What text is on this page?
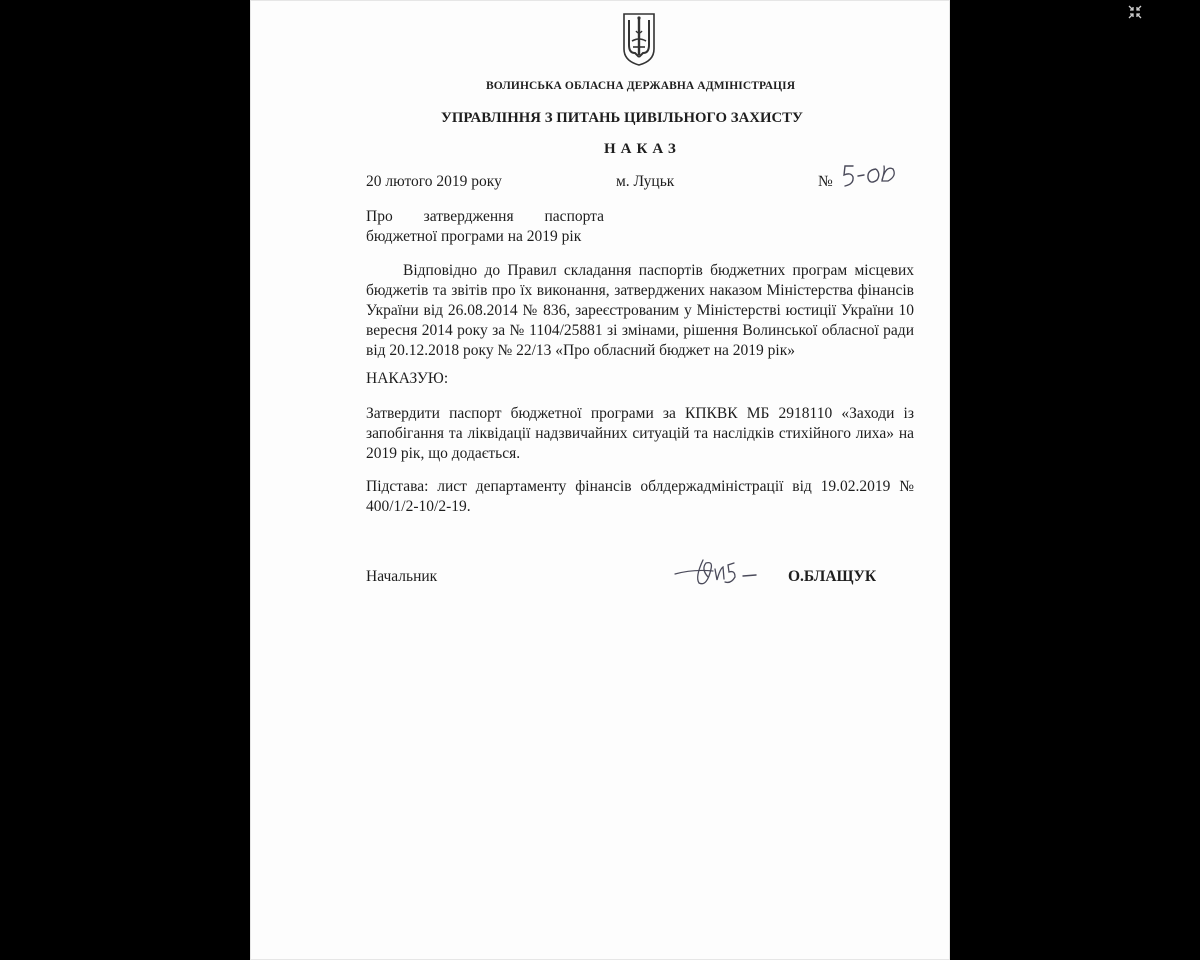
ВОЛИНСЬКА ОБЛАСНА ДЕРЖАВНА АДМІНІСТРАЦІЯ
УПРАВЛІННЯ З ПИТАНЬ ЦИВІЛЬНОГО ЗАХИСТУ
НАКАЗ
20 лютого 2019 року	м. Луцьк	№
Про затвердження паспорта
бюджетної програми на 2019 рік
Відповідно до Правил складання паспортів бюджетних програм місцевих бюджетів та звітів про їх виконання, затверджених наказом Міністерства фінансів України від 26.08.2014 № 836, зареєстрованим у Міністерстві юстиції України 10 вересня 2014 року за № 1104/25881 зі змінами, рішення Волинської обласної ради від 20.12.2018 року № 22/13 «Про обласний бюджет на 2019 рік»
НАКАЗУЮ:
Затвердити паспорт бюджетної програми за КПКВК МБ 2918110 «Заходи із запобігання та ліквідації надзвичайних ситуацій та наслідків стихійного лиха» на 2019 рік, що додається.
Підстава: лист департаменту фінансів облдержадміністрації від 19.02.2019 № 400/1/2-10/2-19.
Начальник	О.БЛАЩУК
